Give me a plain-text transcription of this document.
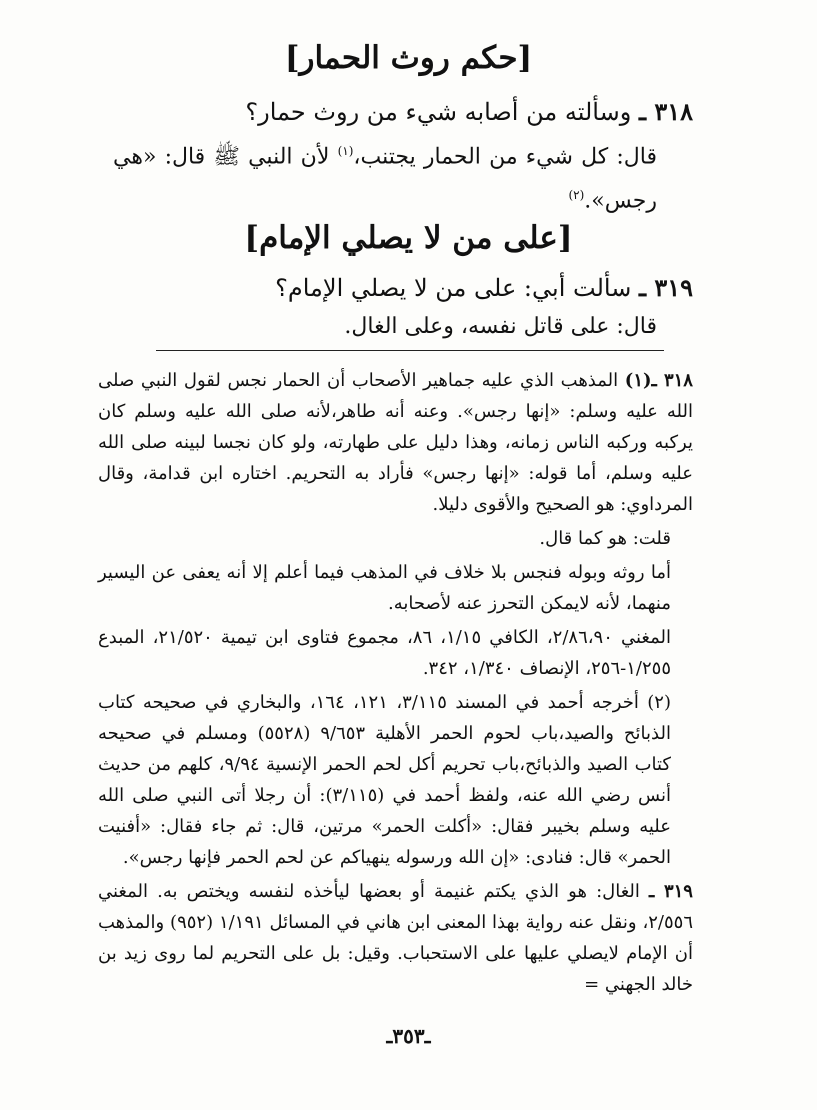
[حكم روث الحمار]
٣١٨ ـ وسألته من أصابه شيء من روث حمار؟
قال: كل شيء من الحمار يجتنب،$^{(١)}$ لأن النبي ﷺ قال: «هي رجس».$^{(٢)}$
[على من لا يصلي الإمام]
٣١٩ ـ سألت أبي: على من لا يصلي الإمام؟
قال: على قاتل نفسه، وعلى الغال.

٣١٨ ـ(١) المذهب الذي عليه جماهير الأصحاب أن الحمار نجس لقول النبي صلى الله عليه وسلم: «إنها رجس». وعنه أنه طاهر،لأنه صلى الله عليه وسلم كان يركبه وركبه الناس زمانه، وهذا دليل على طهارته، ولو كان نجسا لبينه صلى الله عليه وسلم، أما قوله: «إنها رجس» فأراد به التحريم. اختاره ابن قدامة، وقال المرداوي: هو الصحيح والأقوى دليلا.

قلت: هو كما قال.

أما روثه وبوله فنجس بلا خلاف في المذهب فيما أعلم إلا أنه يعفى عن اليسير منهما، لأنه لايمكن التحرز عنه لأصحابه.

المغني ٢/٨٦،٩٠، الكافي ١/١٥، ٨٦، مجموع فتاوى ابن تيمية ٢١/٥٢٠، المبدع ١/٢٥٥-٢٥٦، الإنصاف ١/٣٤٠، ٣٤٢.

(٢) أخرجه أحمد في المسند ٣/١١٥، ١٢١، ١٦٤، والبخاري في صحيحه كتاب الذبائح والصيد،باب لحوم الحمر الأهلية ٩/٦٥٣ (٥٥٢٨) ومسلم في صحيحه كتاب الصيد والذبائح،باب تحريم أكل لحم الحمر الإنسية ٩/٩٤، كلهم من حديث أنس رضي الله عنه، ولفظ أحمد في (٣/١١٥): أن رجلا أتى النبي صلى الله عليه وسلم بخيبر فقال: «أكلت الحمر» مرتين، قال: ثم جاء فقال: «أفنيت الحمر» قال: فنادى: «إن الله ورسوله ينهياكم عن لحم الحمر فإنها رجس».

٣١٩ ـ الغال: هو الذي يكتم غنيمة أو بعضها ليأخذه لنفسه ويختص به. المغني ٢/٥٥٦، ونقل عنه رواية بهذا المعنى ابن هاني في المسائل ١/١٩١ (٩٥٢) والمذهب أن الإمام لايصلي عليها على الاستحباب. وقيل: بل على التحريم لما روى زيد بن خالد الجهني =

ـ٣٥٣ـ
